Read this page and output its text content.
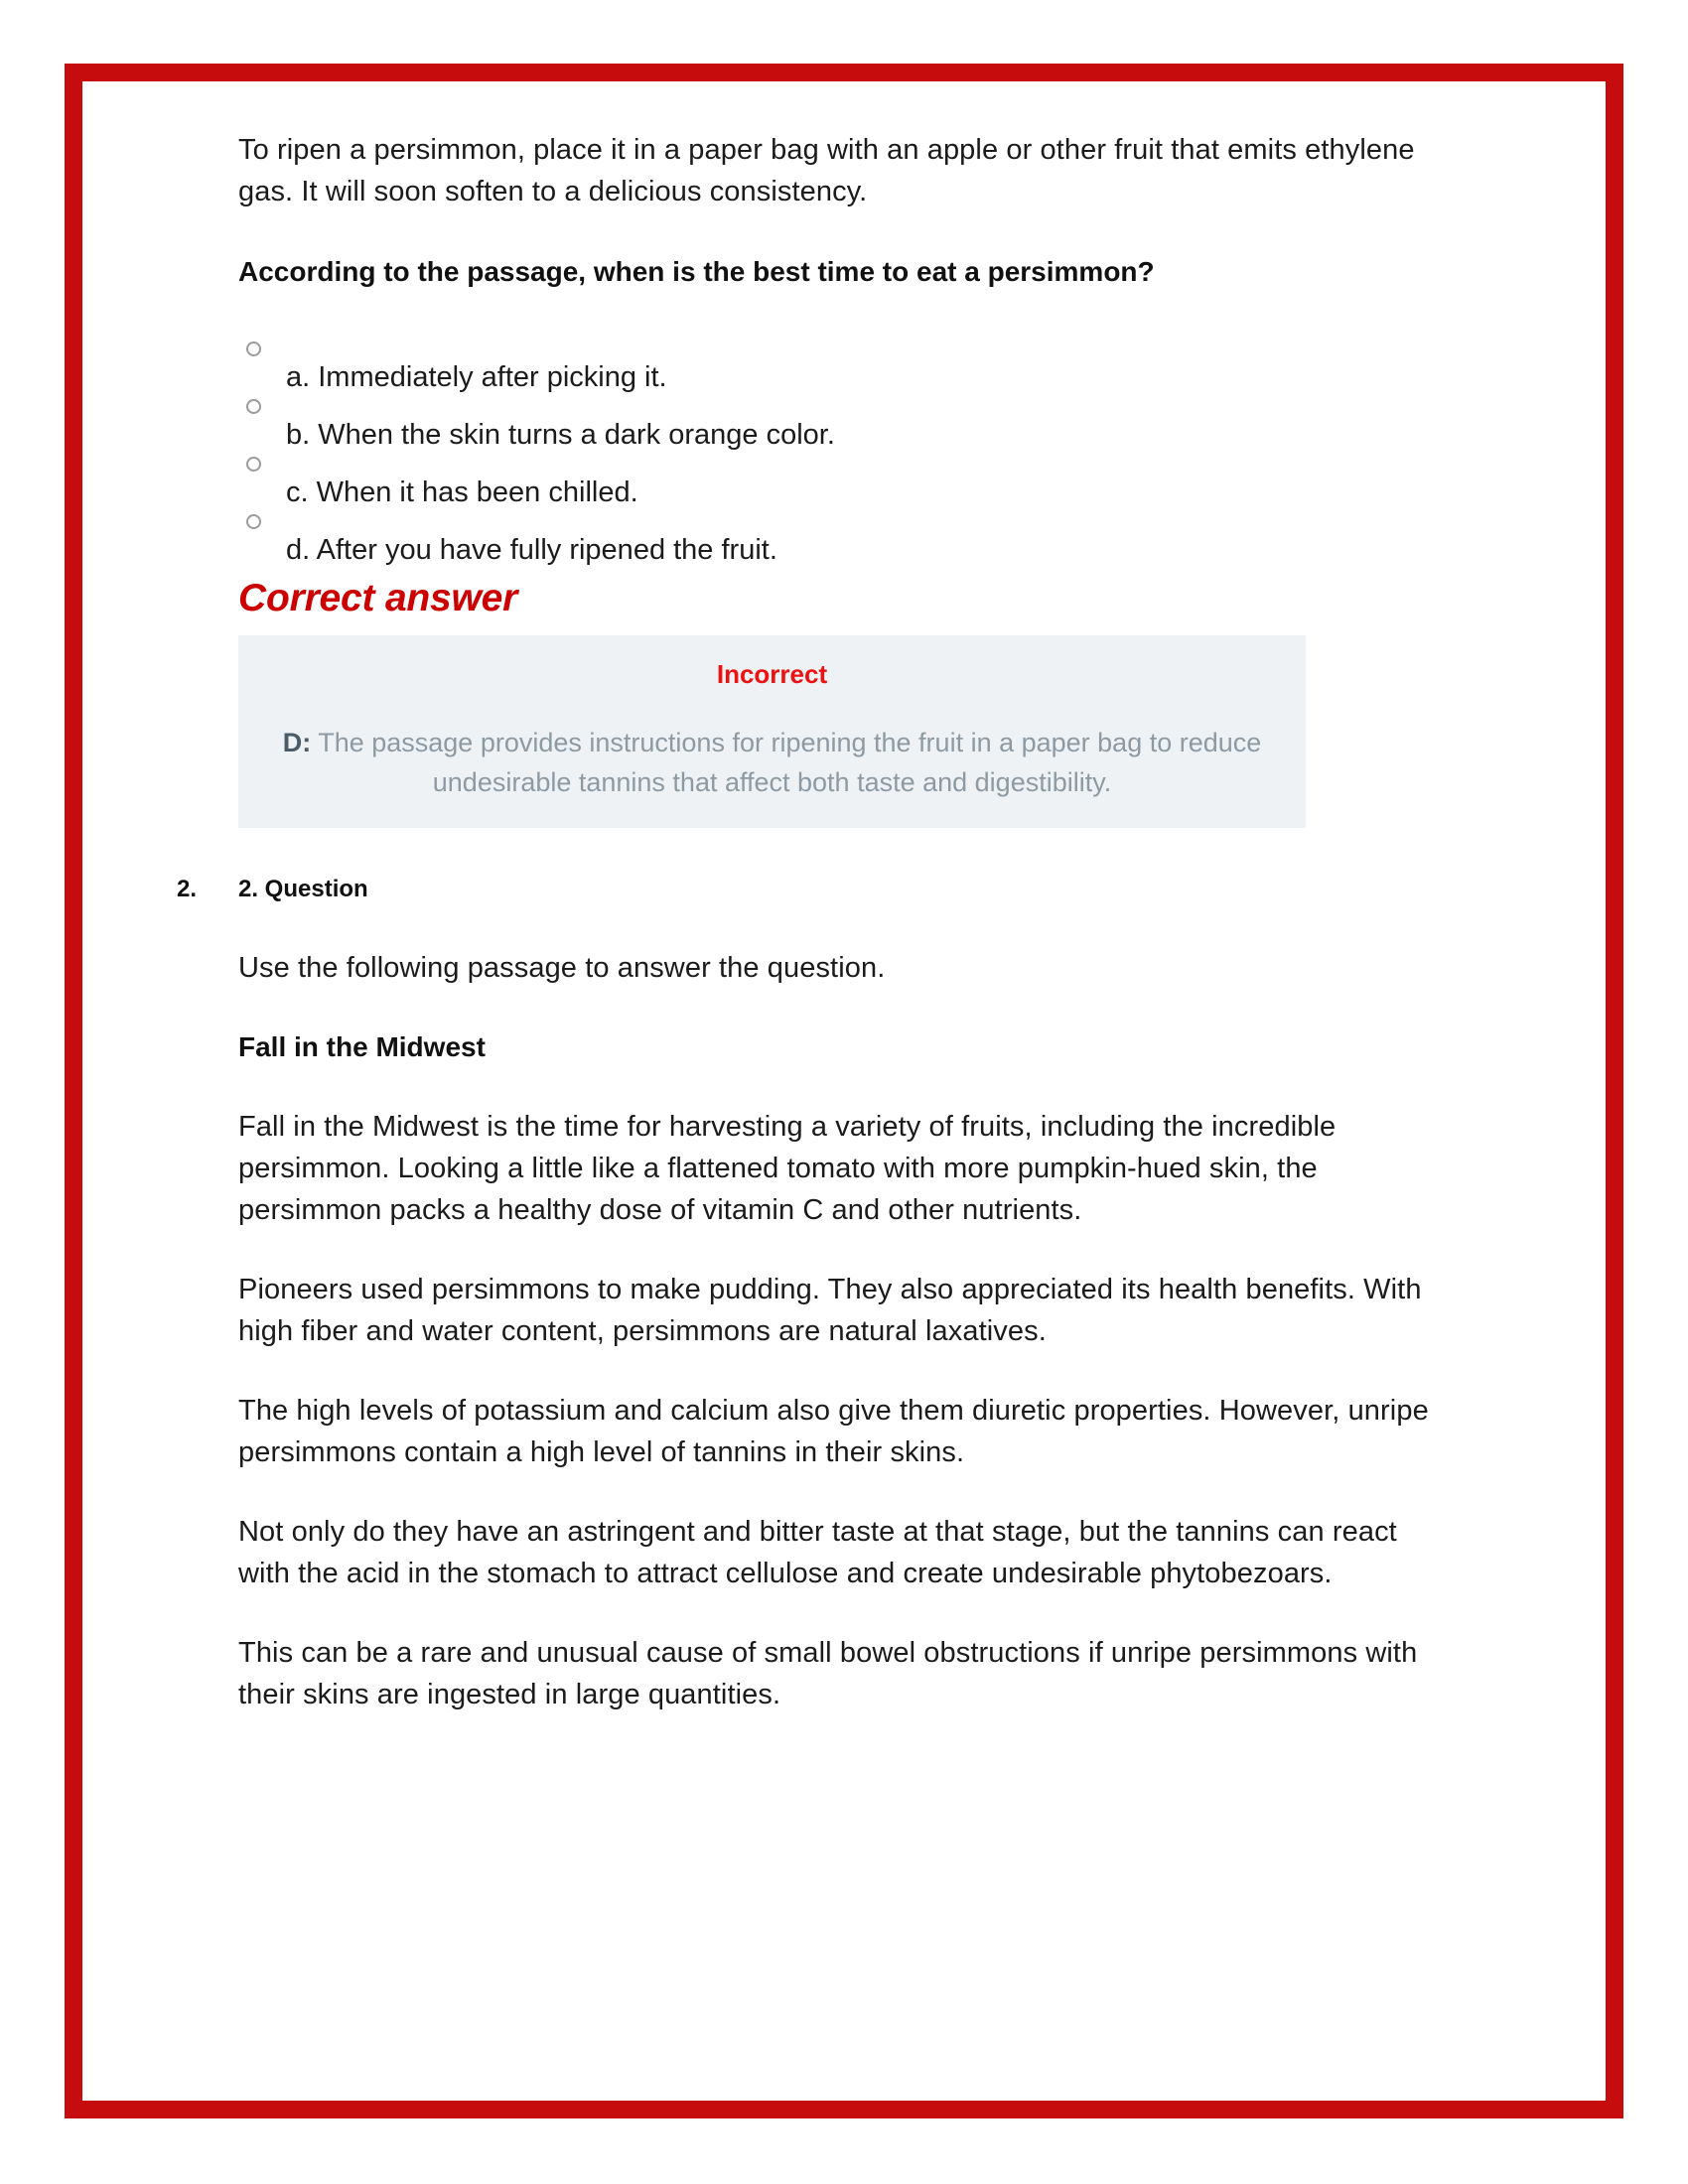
To ripen a persimmon, place it in a paper bag with an apple or other fruit that emits ethylene gas. It will soon soften to a delicious consistency.

According to the passage, when is the best time to eat a persimmon?
a. Immediately after picking it.
b. When the skin turns a dark orange color.
c. When it has been chilled.
d. After you have fully ripened the fruit.
Correct answer
Incorrect
D: The passage provides instructions for ripening the fruit in a paper bag to reduce undesirable tannins that affect both taste and digestibility.
2. 2. Question

Use the following passage to answer the question.

Fall in the Midwest

Fall in the Midwest is the time for harvesting a variety of fruits, including the incredible persimmon. Looking a little like a flattened tomato with more pumpkin-hued skin, the persimmon packs a healthy dose of vitamin C and other nutrients.

Pioneers used persimmons to make pudding. They also appreciated its health benefits. With high fiber and water content, persimmons are natural laxatives.

The high levels of potassium and calcium also give them diuretic properties. However, unripe persimmons contain a high level of tannins in their skins.

Not only do they have an astringent and bitter taste at that stage, but the tannins can react with the acid in the stomach to attract cellulose and create undesirable phytobezoars.

This can be a rare and unusual cause of small bowel obstructions if unripe persimmons with their skins are ingested in large quantities.
